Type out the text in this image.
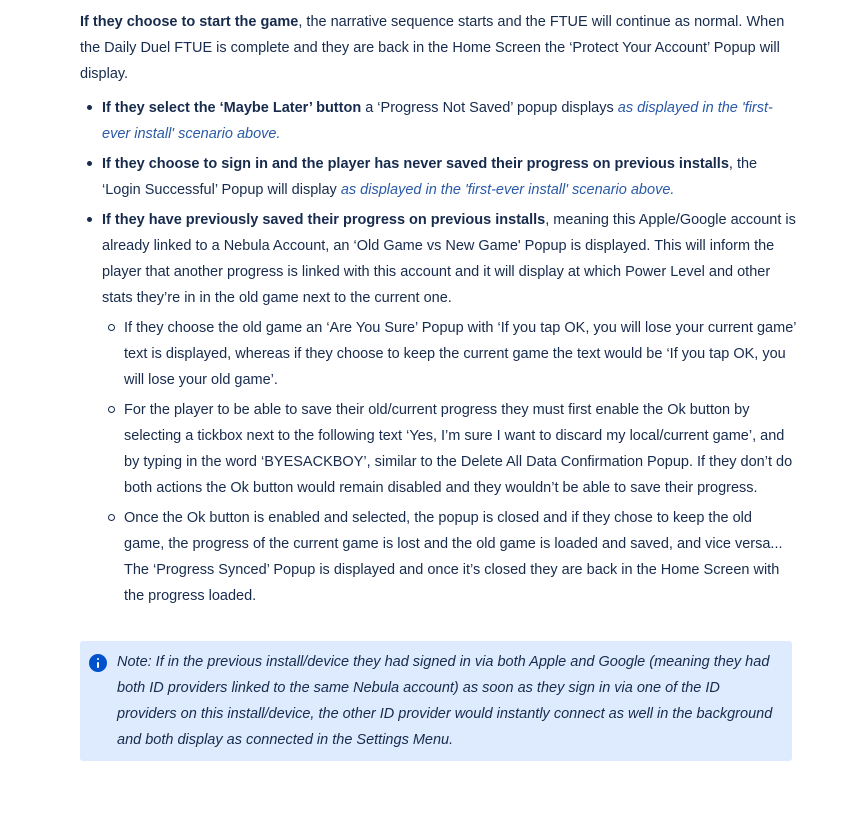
If they choose to start the game, the narrative sequence starts and the FTUE will continue as normal. When the Daily Duel FTUE is complete and they are back in the Home Screen the ‘Protect Your Account’ Popup will display.

If they select the ‘Maybe Later’ button a ‘Progress Not Saved’ popup displays as displayed in the 'first-ever install' scenario above.
If they choose to sign in and the player has never saved their progress on previous installs, the ‘Login Successful’ Popup will display as displayed in the 'first-ever install' scenario above.
If they have previously saved their progress on previous installs, meaning this Apple/Google account is already linked to a Nebula Account, an ‘Old Game vs New Game' Popup is displayed. This will inform the player that another progress is linked with this account and it will display at which Power Level and other stats they’re in in the old game next to the current one.
If they choose the old game an ‘Are You Sure’ Popup with ‘If you tap OK, you will lose your current game’ text is displayed, whereas if they choose to keep the current game the text would be ‘If you tap OK, you will lose your old game’.
For the player to be able to save their old/current progress they must first enable the Ok button by selecting a tickbox next to the following text ‘Yes, I’m sure I want to discard my local/current game’, and by typing in the word ‘BYESACKBOY’, similar to the Delete All Data Confirmation Popup. If they don’t do both actions the Ok button would remain disabled and they wouldn’t be able to save their progress.
Once the Ok button is enabled and selected, the popup is closed and if they chose to keep the old game, the progress of the current game is lost and the old game is loaded and saved, and vice versa... The ‘Progress Synced’ Popup is displayed and once it’s closed they are back in the Home Screen with the progress loaded.
Note: If in the previous install/device they had signed in via both Apple and Google (meaning they had both ID providers linked to the same Nebula account) as soon as they sign in via one of the ID providers on this install/device, the other ID provider would instantly connect as well in the background and both display as connected in the Settings Menu.
